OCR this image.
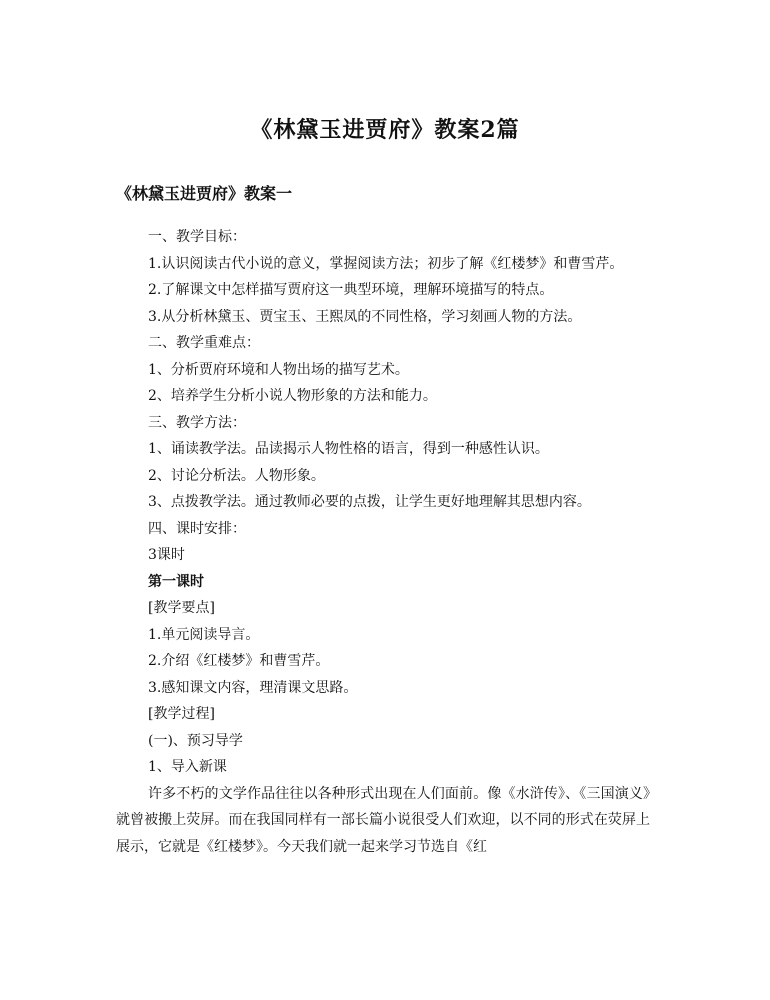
《林黛玉进贾府》教案2篇
《林黛玉进贾府》教案一

一、教学目标：

1.认识阅读古代小说的意义，掌握阅读方法；初步了解《红楼梦》和曹雪芹。

2.了解课文中怎样描写贾府这一典型环境，理解环境描写的特点。

3.从分析林黛玉、贾宝玉、王熙凤的不同性格，学习刻画人物的方法。

二、教学重难点：

1、分析贾府环境和人物出场的描写艺术。

2、培养学生分析小说人物形象的方法和能力。

三、教学方法：

1、诵读教学法。品读揭示人物性格的语言，得到一种感性认识。

2、讨论分析法。人物形象。

3、点拨教学法。通过教师必要的点拨，让学生更好地理解其思想内容。

四、课时安排：

3课时

第一课时

[教学要点]

1.单元阅读导言。

2.介绍《红楼梦》和曹雪芹。

3.感知课文内容，理清课文思路。

[教学过程]

(一)、预习导学

1、导入新课

许多不朽的文学作品往往以各种形式出现在人们面前。像《水浒传》、《三国演义》就曾被搬上荧屏。而在我国同样有一部长篇小说很受人们欢迎，以不同的形式在荧屏上展示，它就是《红楼梦》。今天我们就一起来学习节选自《红
